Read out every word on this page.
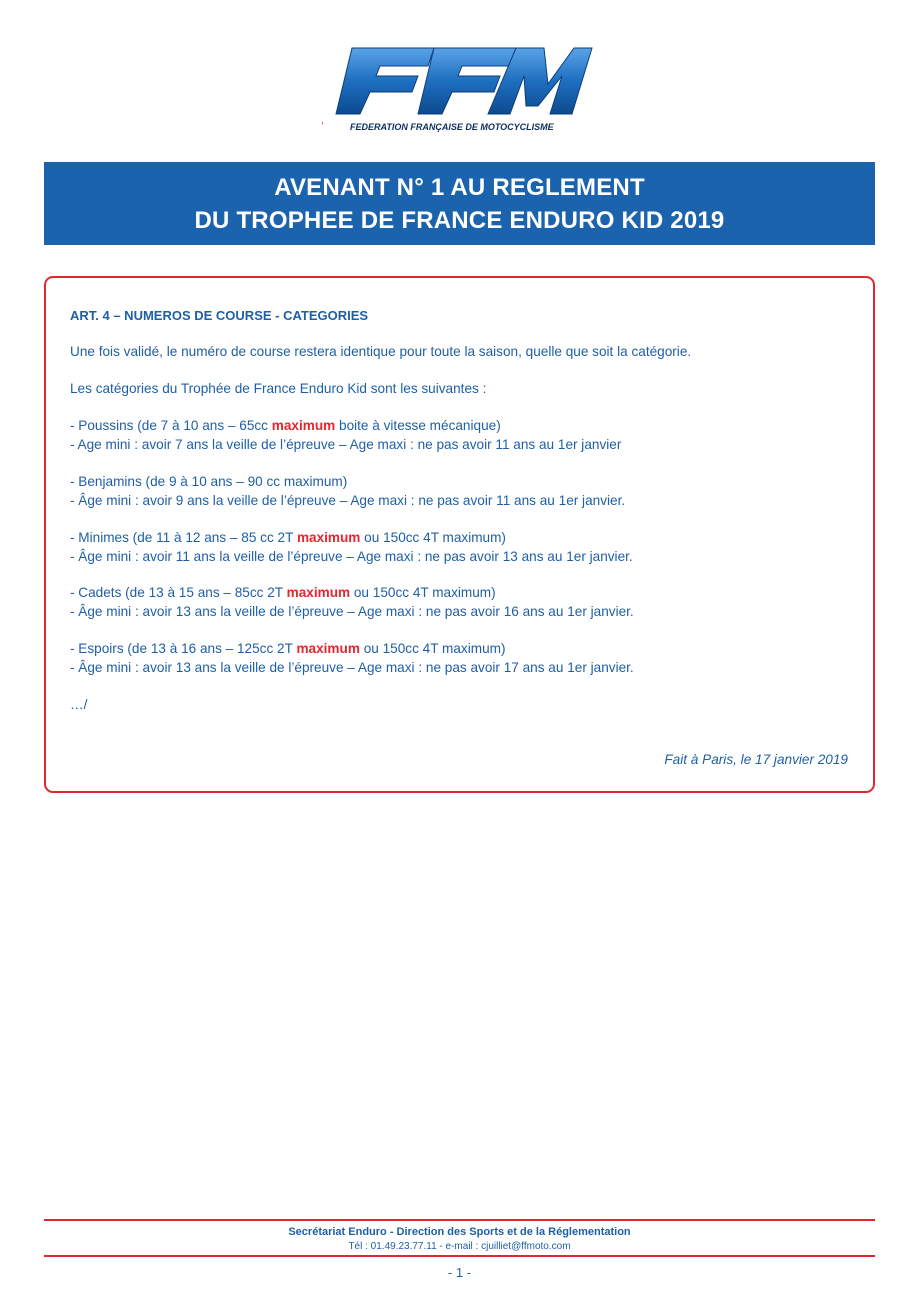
FEDERATION FRANÇAISE DE MOTOCYCLISME
AVENANT N° 1 AU REGLEMENT
DU TROPHEE DE FRANCE ENDURO KID 2019
ART. 4 – NUMEROS DE COURSE - CATEGORIES
Une fois validé, le numéro de course restera identique pour toute la saison, quelle que soit la catégorie.
Les catégories du Trophée de France Enduro Kid sont les suivantes :
- Poussins (de 7 à 10 ans – 65cc maximum boite à vitesse mécanique)
- Age mini : avoir 7 ans la veille de l’épreuve – Age maxi : ne pas avoir 11 ans au 1er janvier
- Benjamins (de 9 à 10 ans – 90 cc maximum)
- Âge mini : avoir 9 ans la veille de l’épreuve – Age maxi : ne pas avoir 11 ans au 1er janvier.
- Minimes (de 11 à 12 ans – 85 cc 2T maximum ou 150cc 4T maximum)
- Âge mini : avoir 11 ans la veille de l’épreuve – Age maxi : ne pas avoir 13 ans au 1er janvier.
- Cadets (de 13 à 15 ans – 85cc 2T maximum ou 150cc 4T maximum)
- Âge mini : avoir 13 ans la veille de l’épreuve – Age maxi : ne pas avoir 16 ans au 1er janvier.
- Espoirs (de 13 à 16 ans – 125cc 2T maximum ou 150cc 4T maximum)
- Âge mini : avoir 13 ans la veille de l’épreuve – Age maxi : ne pas avoir 17 ans au 1er janvier.
…/
Fait à Paris, le 17 janvier 2019
Secrétariat Enduro - Direction des Sports et de la Réglementation
Tél : 01.49.23.77.11 - e-mail : cjuilliet@ffmoto.com
- 1 -
